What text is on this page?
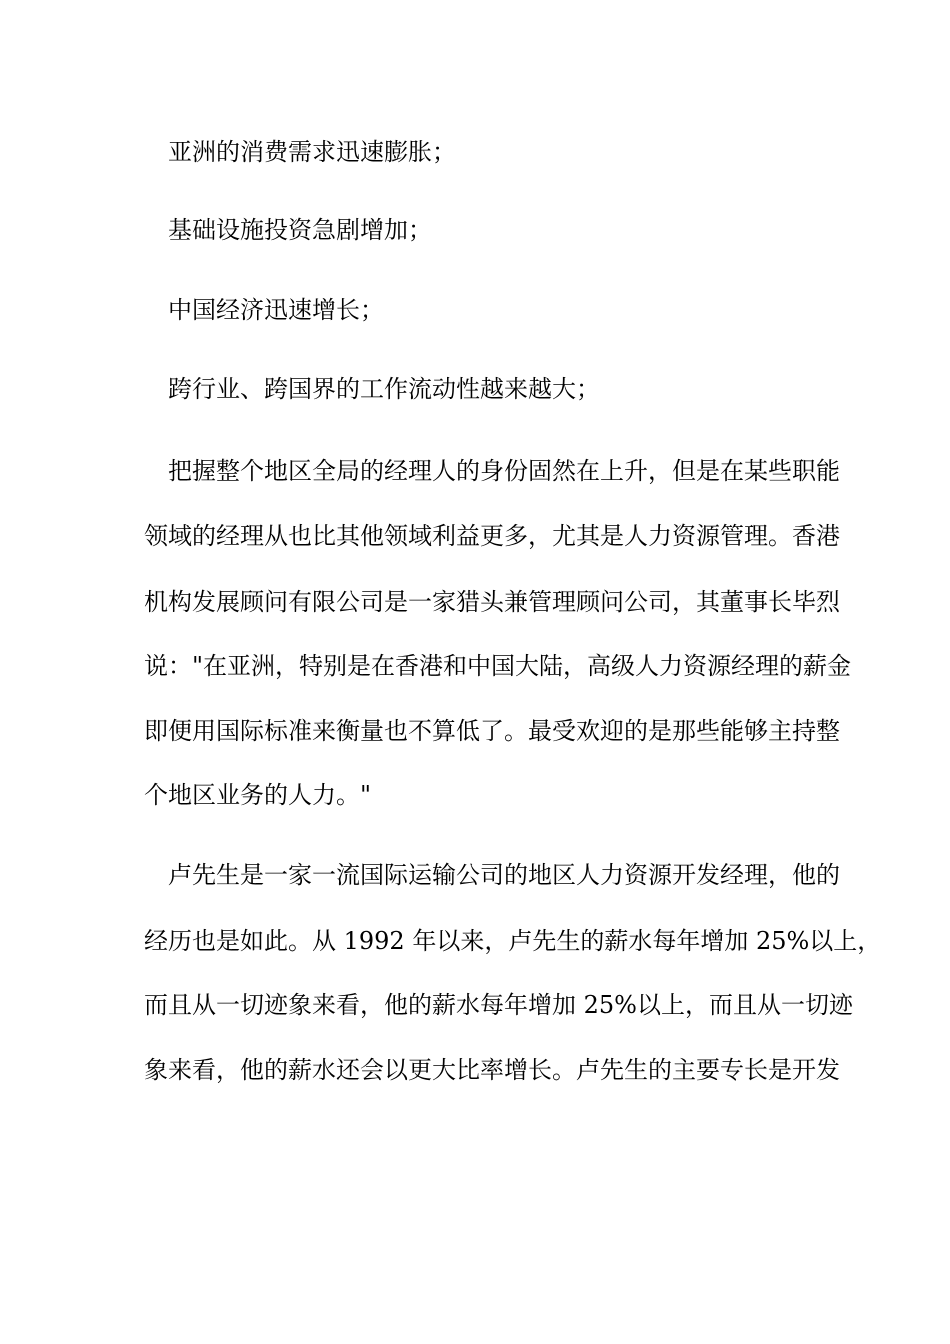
　亚洲的消费需求迅速膨胀；
　基础设施投资急剧增加；
　中国经济迅速增长；
　跨行业、跨国界的工作流动性越来越大；
　把握整个地区全局的经理人的身份固然在上升，但是在某些职能
领域的经理从也比其他领域利益更多，尤其是人力资源管理。香港
机构发展顾问有限公司是一家猎头兼管理顾问公司，其董事长毕烈
说："在亚洲，特别是在香港和中国大陆，高级人力资源经理的薪金
即便用国际标准来衡量也不算低了。最受欢迎的是那些能够主持整
个地区业务的人力。"
　卢先生是一家一流国际运输公司的地区人力资源开发经理，他的
经历也是如此。从 1992 年以来，卢先生的薪水每年增加 25%以上，
而且从一切迹象来看，他的薪水每年增加 25%以上，而且从一切迹
象来看，他的薪水还会以更大比率增长。卢先生的主要专长是开发
